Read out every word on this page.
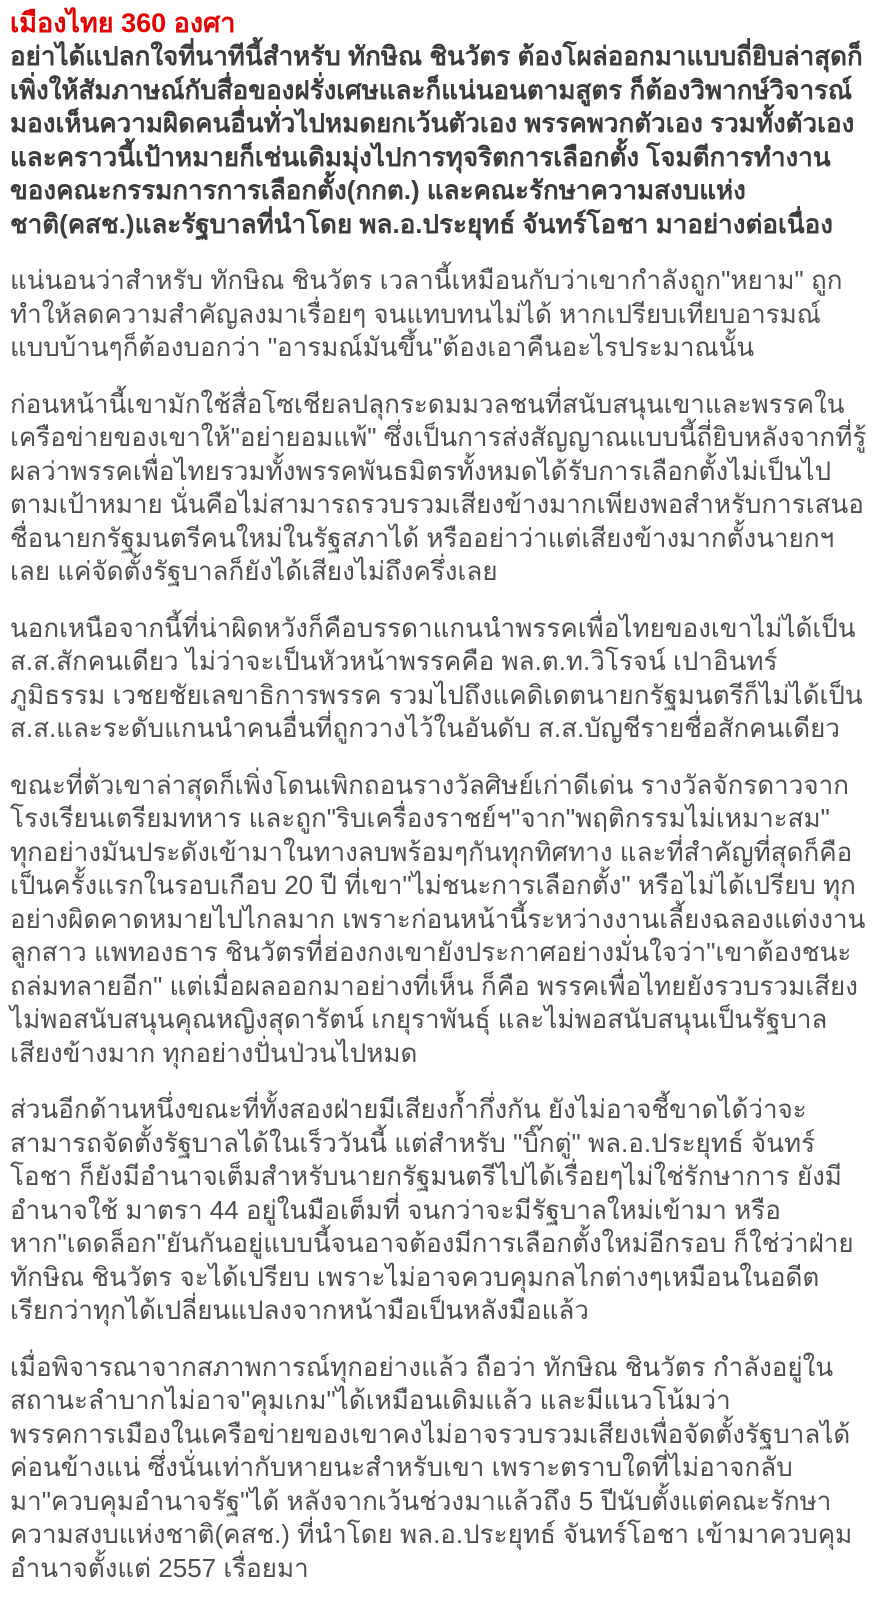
เมืองไทย 360 องศา

อย่าได้แปลกใจที่นาทีนี้สำหรับ ทักษิณ ชินวัตร ต้องโผล่ออกมาแบบถี่ยิบล่าสุดก็เพิ่งให้สัมภาษณ์กับสื่อของฝรั่งเศษและก็แน่นอนตามสูตร ก็ต้องวิพากษ์วิจารณ์มองเห็นความผิดคนอื่นทั่วไปหมดยกเว้นตัวเอง พรรคพวกตัวเอง รวมทั้งตัวเอง และคราวนี้เป้าหมายก็เช่นเดิมมุ่งไปการทุจริตการเลือกตั้ง โจมตีการทำงานของคณะกรรมการการเลือกตั้ง(กกต.) และคณะรักษาความสงบแห่งชาติ(คสช.)และรัฐบาลที่นำโดย พล.อ.ประยุทธ์ จันทร์โอชา มาอย่างต่อเนื่อง

แน่นอนว่าสำหรับ ทักษิณ ชินวัตร เวลานี้เหมือนกับว่าเขากำลังถูก"หยาม" ถูกทำให้ลดความสำคัญลงมาเรื่อยๆ จนแทบทนไม่ได้ หากเปรียบเทียบอารมณ์แบบบ้านๆก็ต้องบอกว่า "อารมณ์มันขึ้น"ต้องเอาคืนอะไรประมาณนั้น

ก่อนหน้านี้เขามักใช้สื่อโซเชียลปลุกระดมมวลชนที่สนับสนุนเขาและพรรคในเครือข่ายของเขาให้"อย่ายอมแพ้" ซึ่งเป็นการส่งสัญญาณแบบนี้ถี่ยิบหลังจากที่รู้ผลว่าพรรคเพื่อไทยรวมทั้งพรรคพันธมิตรทั้งหมดได้รับการเลือกตั้งไม่เป็นไปตามเป้าหมาย นั่นคือไม่สามารถรวบรวมเสียงข้างมากเพียงพอสำหรับการเสนอชื่อนายกรัฐมนตรีคนใหม่ในรัฐสภาได้ หรืออย่าว่าแต่เสียงข้างมากตั้งนายกฯเลย แค่จัดตั้งรัฐบาลก็ยังได้เสียงไม่ถึงครึ่งเลย

นอกเหนือจากนี้ที่น่าผิดหวังก็คือบรรดาแกนนำพรรคเพื่อไทยของเขาไม่ได้เป็น ส.ส.สักคนเดียว ไม่ว่าจะเป็นหัวหน้าพรรคคือ พล.ต.ท.วิโรจน์ เปาอินทร์ ภูมิธรรม เวชยชัยเลขาธิการพรรค รวมไปถึงแคดิเดตนายกรัฐมนตรีก็ไม่ได้เป็น ส.ส.และระดับแกนนำคนอื่นที่ถูกวางไว้ในอันดับ ส.ส.บัญชีรายชื่อสักคนเดียว

ขณะที่ตัวเขาล่าสุดก็เพิ่งโดนเพิกถอนรางวัลศิษย์เก่าดีเด่น รางวัลจักรดาวจากโรงเรียนเตรียมทหาร และถูก"ริบเครื่องราชย์ฯ"จาก"พฤติกรรมไม่เหมาะสม" ทุกอย่างมันประดังเข้ามาในทางลบพร้อมๆกันทุกทิศทาง และที่สำคัญที่สุดก็คือเป็นครั้งแรกในรอบเกือบ 20 ปี ที่เขา"ไม่ชนะการเลือกตั้ง" หรือไม่ได้เปรียบ ทุกอย่างผิดคาดหมายไปไกลมาก เพราะก่อนหน้านี้ระหว่างงานเลี้ยงฉลองแต่งงานลูกสาว แพทองธาร ชินวัตรที่ฮ่องกงเขายังประกาศอย่างมั่นใจว่า"เขาต้องชนะถล่มทลายอีก" แต่เมื่อผลออกมาอย่างที่เห็น ก็คือ พรรคเพื่อไทยยังรวบรวมเสียงไม่พอสนับสนุนคุณหญิงสุดารัตน์ เกยุราพันธุ์ และไม่พอสนับสนุนเป็นรัฐบาลเสียงข้างมาก ทุกอย่างปั่นป่วนไปหมด

ส่วนอีกด้านหนึ่งขณะที่ทั้งสองฝ่ายมีเสียงก้ำกึ่งกัน ยังไม่อาจชี้ขาดได้ว่าจะสามารถจัดตั้งรัฐบาลได้ในเร็ววันนี้ แต่สำหรับ "บิ๊กตู่" พล.อ.ประยุทธ์ จันทร์โอชา ก็ยังมีอำนาจเต็มสำหรับนายกรัฐมนตรีไปได้เรื่อยๆไม่ใช่รักษาการ ยังมีอำนาจใช้ มาตรา 44 อยู่ในมือเต็มที่ จนกว่าจะมีรัฐบาลใหม่เข้ามา หรือหาก"เดดล็อก"ยันกันอยู่แบบนี้จนอาจต้องมีการเลือกตั้งใหม่อีกรอบ ก็ใช่ว่าฝ่าย ทักษิณ ชินวัตร จะได้เปรียบ เพราะไม่อาจควบคุมกลไกต่างๆเหมือนในอดีต เรียกว่าทุกได้เปลี่ยนแปลงจากหน้ามือเป็นหลังมือแล้ว

เมื่อพิจารณาจากสภาพการณ์ทุกอย่างแล้ว ถือว่า ทักษิณ ชินวัตร กำลังอยู่ในสถานะลำบากไม่อาจ"คุมเกม"ได้เหมือนเดิมแล้ว และมีแนวโน้มว่าพรรคการเมืองในเครือข่ายของเขาคงไม่อาจรวบรวมเสียงเพื่อจัดตั้งรัฐบาลได้ค่อนข้างแน่ ซึ่งนั่นเท่ากับหายนะสำหรับเขา เพราะตราบใดที่ไม่อาจกลับมา"ควบคุมอำนาจรัฐ"ได้ หลังจากเว้นช่วงมาแล้วถึง 5 ปีนับตั้งแต่คณะรักษาความสงบแห่งชาติ(คสช.) ที่นำโดย พล.อ.ประยุทธ์ จันทร์โอชา เข้ามาควบคุมอำนาจตั้งแต่ 2557 เรื่อยมา
